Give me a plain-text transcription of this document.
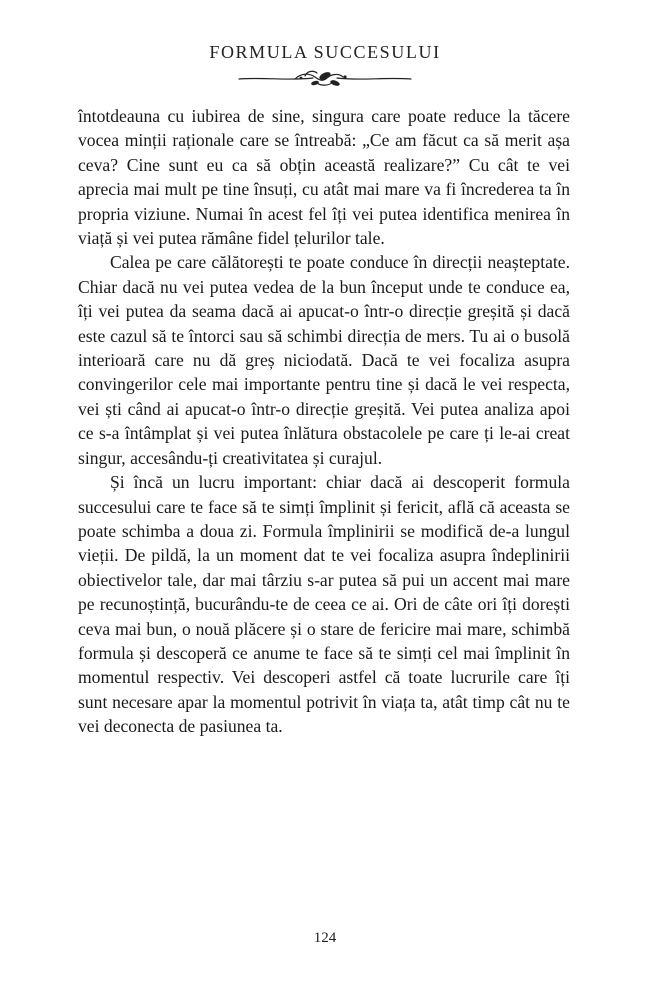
FORMULA SUCCESULUI

întotdeauna cu iubirea de sine, singura care poate reduce la tăcere vocea minții raționale care se întreabă: „Ce am făcut ca să merit așa ceva? Cine sunt eu ca să obțin această realizare?” Cu cât te vei aprecia mai mult pe tine însuți, cu atât mai mare va fi încrederea ta în propria viziune. Numai în acest fel îți vei putea identifica menirea în viață și vei putea rămâne fidel țelurilor tale.

Calea pe care călătorești te poate conduce în direcții neașteptate. Chiar dacă nu vei putea vedea de la bun început unde te conduce ea, îți vei putea da seama dacă ai apucat-o într-o direcție greșită și dacă este cazul să te întorci sau să schimbi direcția de mers. Tu ai o busolă interioară care nu dă greș niciodată. Dacă te vei focaliza asupra convingerilor cele mai importante pentru tine și dacă le vei respecta, vei ști când ai apucat-o într-o direcție greșită. Vei putea analiza apoi ce s-a întâmplat și vei putea înlătura obstacolele pe care ți le-ai creat singur, accesându-ți creativitatea și curajul.

Și încă un lucru important: chiar dacă ai descoperit formula succesului care te face să te simți împlinit și fericit, află că aceasta se poate schimba a doua zi. Formula împlinirii se modifică de-a lungul vieții. De pildă, la un moment dat te vei focaliza asupra îndeplinirii obiectivelor tale, dar mai târziu s-ar putea să pui un accent mai mare pe recunoștință, bucurându-te de ceea ce ai. Ori de câte ori îți dorești ceva mai bun, o nouă plăcere și o stare de fericire mai mare, schimbă formula și descoperă ce anume te face să te simți cel mai împlinit în momentul respectiv. Vei descoperi astfel că toate lucrurile care îți sunt necesare apar la momentul potrivit în viața ta, atât timp cât nu te vei deconecta de pasiunea ta.

124
